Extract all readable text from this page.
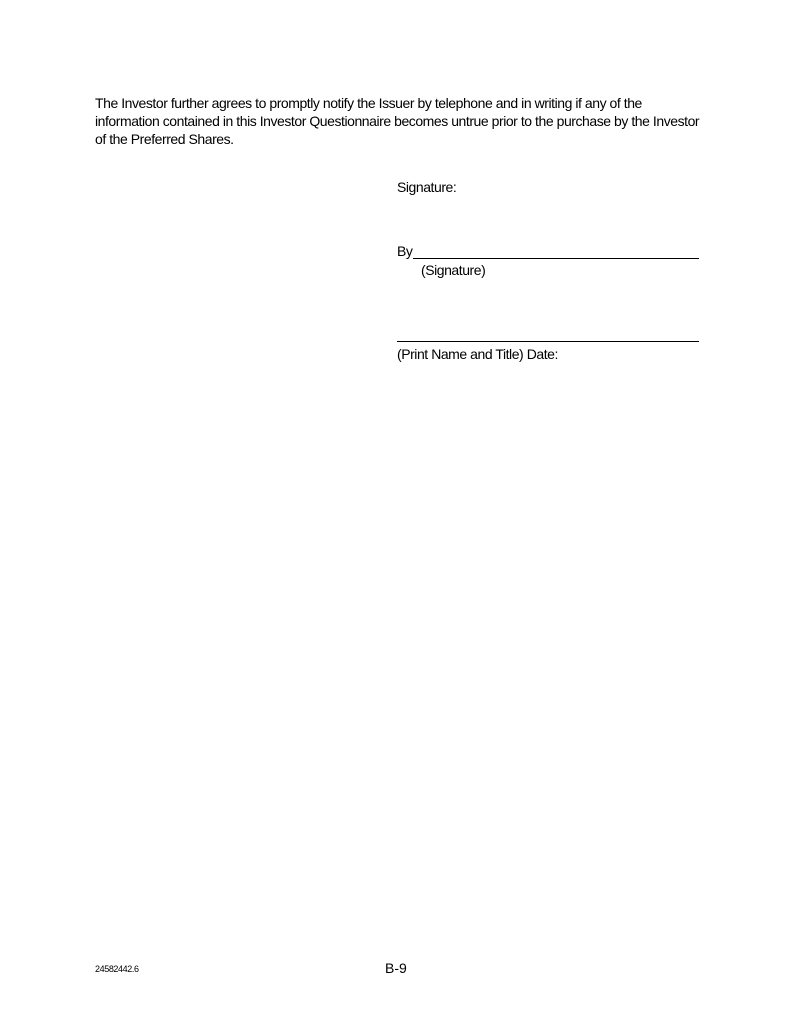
The Investor further agrees to promptly notify the Issuer by telephone and in writing if any of the information contained in this Investor Questionnaire becomes untrue prior to the purchase by the Investor of the Preferred Shares.
Signature:
By
(Signature)
(Print Name and Title) Date:
24582442.6	B-9
